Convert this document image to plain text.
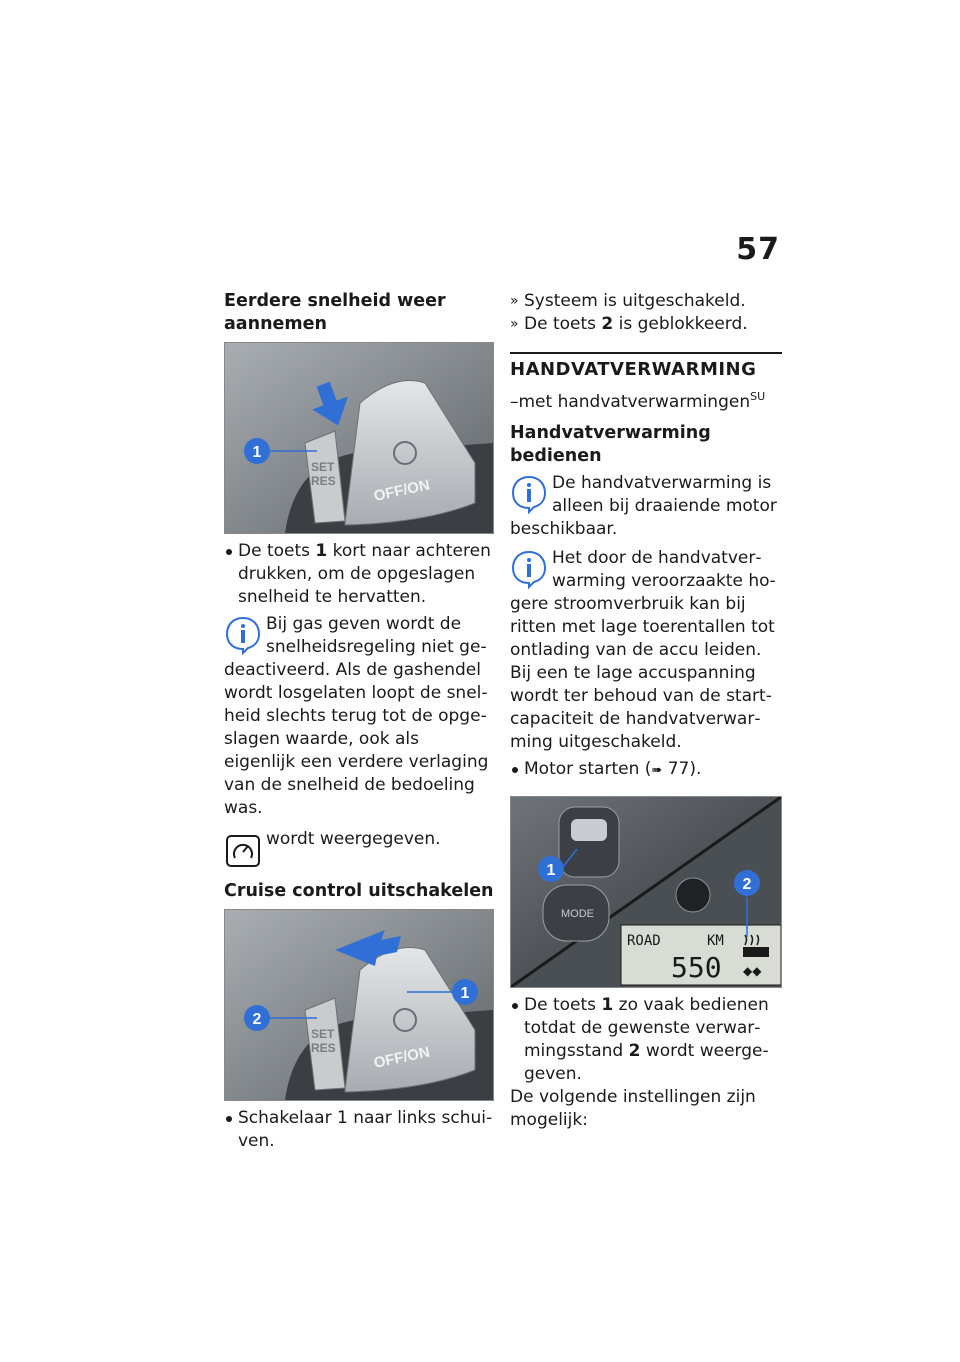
57
Eerdere snelheid weer aannemen
SET
RES OFF/ON
1

De toets 1 kort naar achteren drukken, om de opgeslagen snelheid te hervatten.

Bij gas geven wordt de snelheidsregeling niet gedeactiveerd. Als de gashendel wordt losgelaten loopt de snelheid slechts terug tot de opgeslagen waarde, ook als eigenlijk een verdere verlaging van de snelheid de bedoeling was.
wordt weergegeven.
Cruise control uitschakelen
SET
RES OFF/ON
2
1

Schakelaar 1 naar links schuiven.

» Systeem is uitgeschakeld.

» De toets 2 is geblokkeerd.

HANDVATVERWARMING

–met handvatverwarmingen$^{SU}$

Handvatverwarming bedienen
De handvatverwarming is alleen bij draaiende motor beschikbaar.
Het door de handvatverwarming veroorzaakte hogere stroomverbruik kan bij ritten met lage toerentallen tot ontlading van de accu leiden. Bij een te lage accuspanning wordt ter behoud van de startcapaciteit de handvatverwarming uitgeschakeld.

Motor starten (➠ 77).

MODE
ROAD	KM
550 ◆◆
1
2

De toets 1 zo vaak bedienen totdat de gewenste verwarmingsstand 2 wordt weergegeven.

De volgende instellingen zijn mogelijk:
